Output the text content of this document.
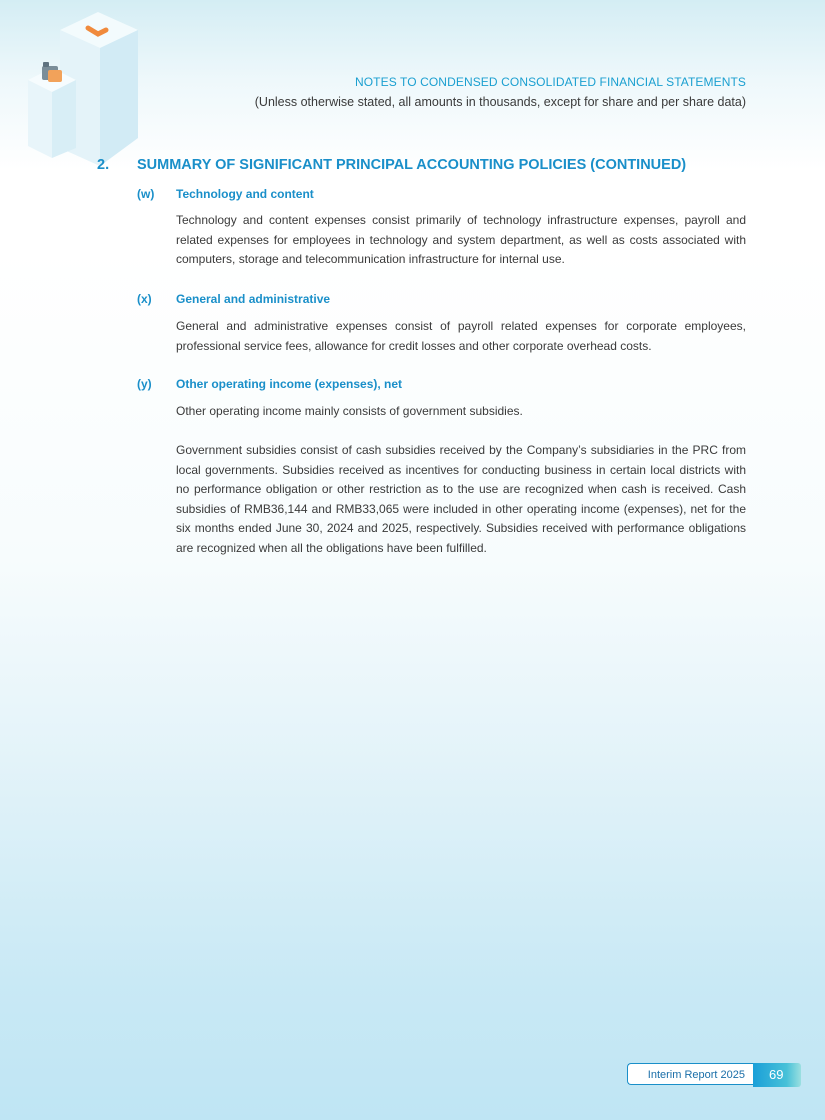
NOTES TO CONDENSED CONSOLIDATED FINANCIAL STATEMENTS
(Unless otherwise stated, all amounts in thousands, except for share and per share data)
2. SUMMARY OF SIGNIFICANT PRINCIPAL ACCOUNTING POLICIES (CONTINUED)
(w) Technology and content

Technology and content expenses consist primarily of technology infrastructure expenses, payroll and related expenses for employees in technology and system department, as well as costs associated with computers, storage and telecommunication infrastructure for internal use.

(x) General and administrative

General and administrative expenses consist of payroll related expenses for corporate employees, professional service fees, allowance for credit losses and other corporate overhead costs.

(y) Other operating income (expenses), net

Other operating income mainly consists of government subsidies.

Government subsidies consist of cash subsidies received by the Company’s subsidiaries in the PRC from local governments. Subsidies received as incentives for conducting business in certain local districts with no performance obligation or other restriction as to the use are recognized when cash is received. Cash subsidies of RMB36,144 and RMB33,065 were included in other operating income (expenses), net for the six months ended June 30, 2024 and 2025, respectively. Subsidies received with performance obligations are recognized when all the obligations have been fulfilled.

Interim Report 2025	69
